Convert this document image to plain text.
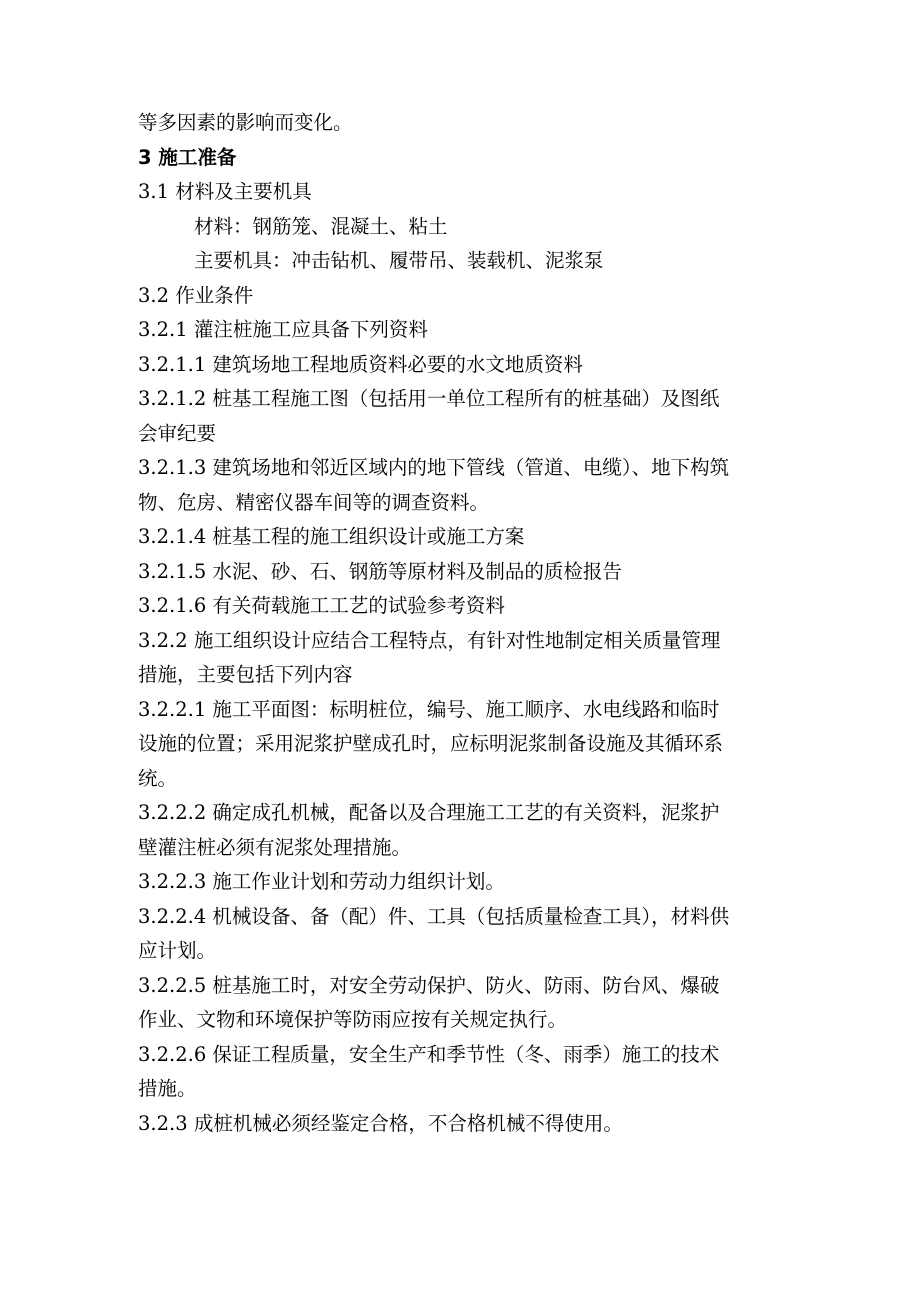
等多因素的影响而变化。

3 施工准备

3.1 材料及主要机具

材料：钢筋笼、混凝土、粘土

主要机具：冲击钻机、履带吊、装载机、泥浆泵

3.2 作业条件

3.2.1 灌注桩施工应具备下列资料

3.2.1.1 建筑场地工程地质资料必要的水文地质资料

3.2.1.2 桩基工程施工图（包括用一单位工程所有的桩基础）及图纸
会审纪要
3.2.1.3 建筑场地和邻近区域内的地下管线（管道、电缆）、地下构筑
物、危房、精密仪器车间等的调查资料。

3.2.1.4 桩基工程的施工组织设计或施工方案

3.2.1.5 水泥、砂、石、钢筋等原材料及制品的质检报告

3.2.1.6 有关荷载施工工艺的试验参考资料

3.2.2 施工组织设计应结合工程特点，有针对性地制定相关质量管理
措施，主要包括下列内容
3.2.2.1 施工平面图：标明桩位，编号、施工顺序、水电线路和临时
设施的位置；采用泥浆护壁成孔时，应标明泥浆制备设施及其循环系
统。
3.2.2.2 确定成孔机械，配备以及合理施工工艺的有关资料，泥浆护
壁灌注桩必须有泥浆处理措施。

3.2.2.3 施工作业计划和劳动力组织计划。

3.2.2.4 机械设备、备（配）件、工具（包括质量检查工具），材料供
应计划。
3.2.2.5 桩基施工时，对安全劳动保护、防火、防雨、防台风、爆破
作业、文物和环境保护等防雨应按有关规定执行。
3.2.2.6 保证工程质量，安全生产和季节性（冬、雨季）施工的技术
措施。

3.2.3 成桩机械必须经鉴定合格，不合格机械不得使用。
